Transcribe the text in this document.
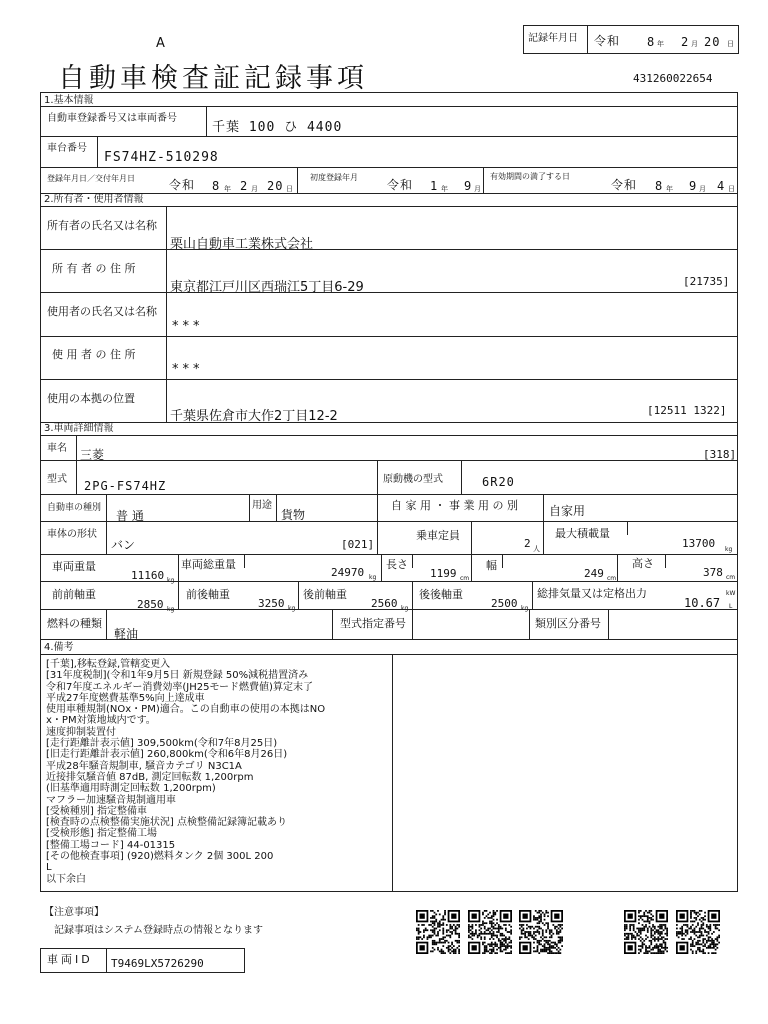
A
自動車検査証記録事項
記録年月日 令和 8 年 2 月 20 日
431260022654
1.基本情報
自動車登録番号又は車両番号
千葉 100 ひ 4400
車台番号
FS74HZ-510298
登録年月日／交付年月日	令和 8 年 2 月 20 日
初度登録年月
令和 1 年 9 月
有効期間の満了する日
令和 8 年 9 月 4 日
2.所有者・使用者情報
所有者の氏名又は名称
栗山自動車工業株式会社
所 有 者 の 住 所
東京都江戸川区西瑞江5丁目6-29	[21735]
使用者の氏名又は名称
***
使 用 者 の 住 所
***
使用の本拠の位置
千葉県佐倉市大作2丁目12-2	[12511 1322]
3.車両詳細情報
車名 三菱	[318]
型式 2PG-FS74HZ	原動機の型式	6R20
自動車の種別
普 通
用途
貨物
自 家 用 ・ 事 業 用 の 別	自家用
車体の形状
バン	[021]
乗車定員
2 人
最大積載量
13700 kg
車両重量
11160 kg
車両総重量
24970 kg
長さ
1199 cm
幅
249 cm
高さ
378 cm
前前軸重
2850 kg
前後軸重
3250 kg
後前軸重
2560 kg
後後軸重
2500 kg
総排気量又は定格出力
10.67
kW
L
燃料の種類
軽油
型式指定番号	類別区分番号
4.備考
[千葉],移転登録,管轄変更入
[31年度税制](令和1年9月5日 新規登録 50%減税措置済み
令和7年度エネルギー消費効率(JH25モード燃費値)算定末了
平成27年度燃費基準5%向上達成車
使用車種規制(NOx・PM)適合。この自動車の使用の本拠はNO
x・PM対策地域内です。
速度抑制装置付
[走行距離計表示値] 309,500km(令和7年8月25日)
[旧走行距離計表示値] 260,800km(令和6年8月26日)
平成28年騒音規制車, 騒音カテゴリ N3C1A
近接排気騒音値 87dB, 測定回転数 1,200rpm
(旧基準適用時測定回転数 1,200rpm)
マフラー加速騒音規制適用車
[受検種別] 指定整備車
[検査時の点検整備実施状況] 点検整備記録簿記載あり
[受検形態] 指定整備工場
[整備工場コード] 44-01315
[その他検査事項] (920)燃料タンク 2個 300L 200
L
以下余白
【注意事項】
記録事項はシステム登録時点の情報となります
車両ID T9469LX5726290
